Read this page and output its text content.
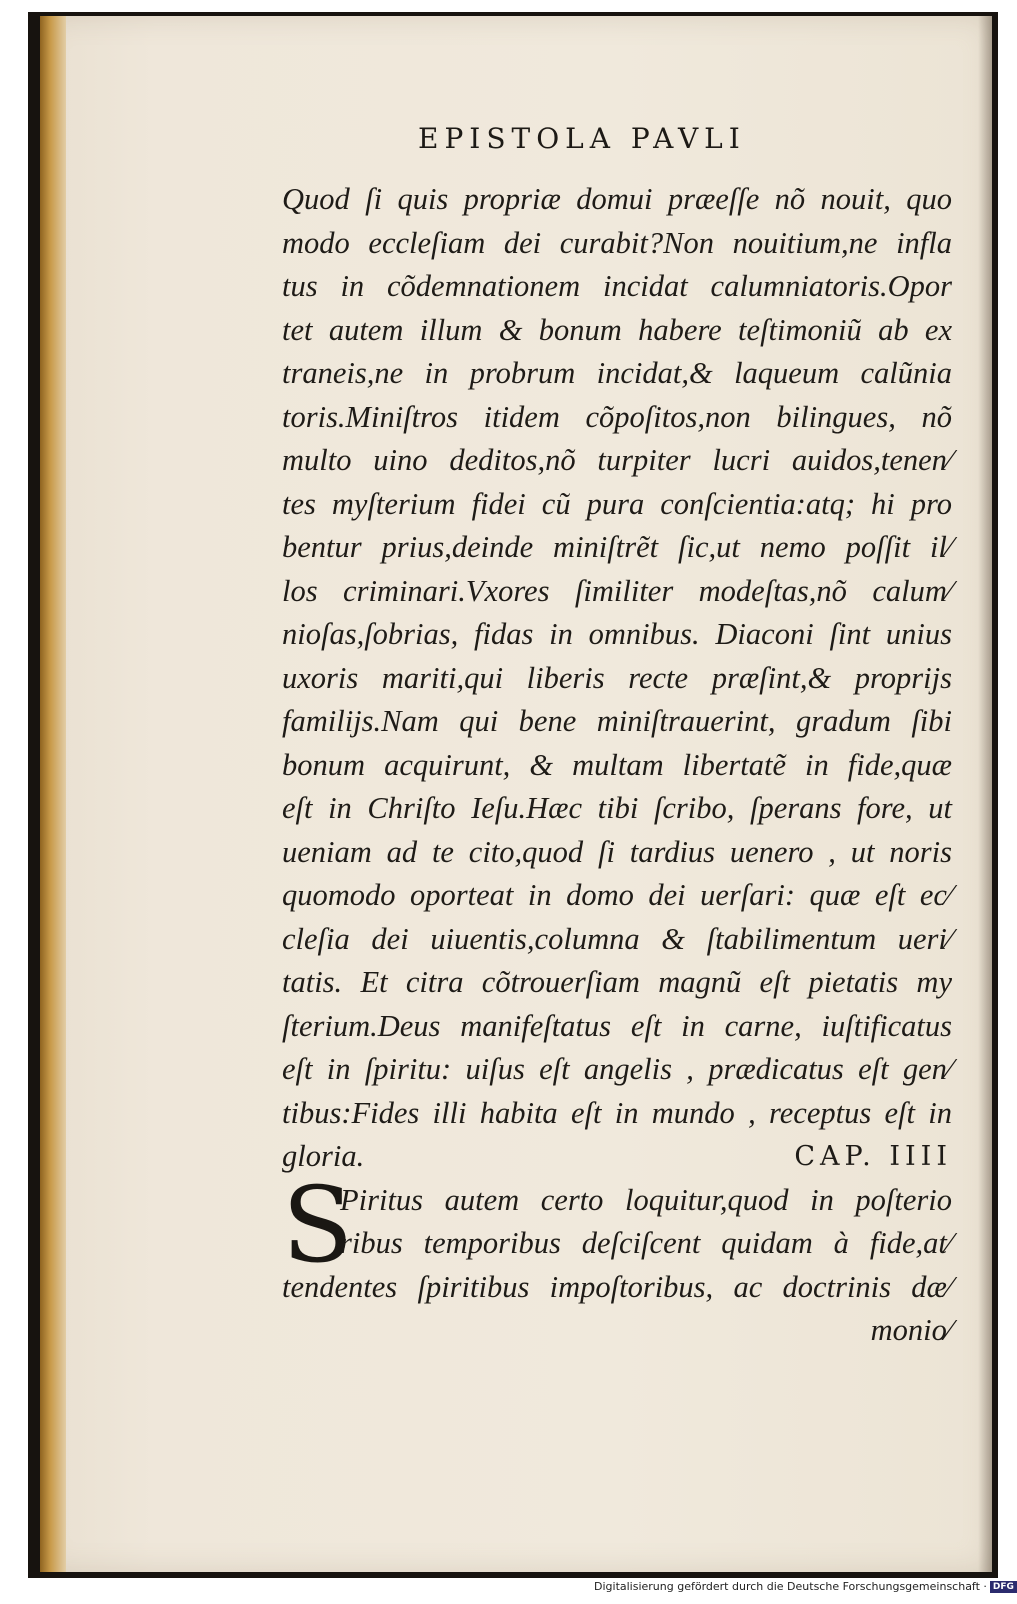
EPISTOLA PAVLI
Quod ſi quis propriæ domui præeſſe nõ nouit, quo
modo eccleſiam dei curabit?Non nouitium,ne infla
tus in cõdemnationem incidat calumniatoris.Opor
tet autem illum & bonum habere teſtimoniũ ab ex
traneis,ne in probrum incidat,& laqueum calũnia
toris.Miniſtros itidem cõpoſitos,non bilingues, nõ
multo uino deditos,nõ turpiter lucri auidos,tenen⁄
tes myſterium fidei cũ pura conſcientia:atq; hi pro
bentur prius,deinde miniſtrẽt ſic,ut nemo poſſit il⁄
los criminari.Vxores ſimiliter modeſtas,nõ calum⁄
nioſas,ſobrias, fidas in omnibus. Diaconi ſint unius
uxoris mariti,qui liberis recte præſint,& proprijs
familijs.Nam qui bene miniſtrauerint, gradum ſibi
bonum acquirunt, & multam libertatẽ in fide,quæ
eſt in Chriſto Ieſu.Hæc tibi ſcribo, ſperans fore, ut
ueniam ad te cito,quod ſi tardius uenero , ut noris
quomodo oporteat in domo dei uerſari: quæ eſt ec⁄
cleſia dei uiuentis,columna & ſtabilimentum ueri⁄
tatis. Et citra cõtrouerſiam magnũ eſt pietatis my
ſterium.Deus manifeſtatus eſt in carne, iuſtificatus
eſt in ſpiritu: uiſus eſt angelis , prædicatus eſt gen⁄
tibus:Fides illi habita eſt in mundo , receptus eſt in
gloria.	CAP. IIII
S
Piritus autem certo loquitur,quod in poſterio
ribus temporibus deſciſcent quidam à fide,at⁄
tendentes ſpiritibus impoſtoribus, ac doctrinis dæ⁄
monio⁄
Digitalisierung gefördert durch die Deutsche Forschungsgemeinschaft · DFG
